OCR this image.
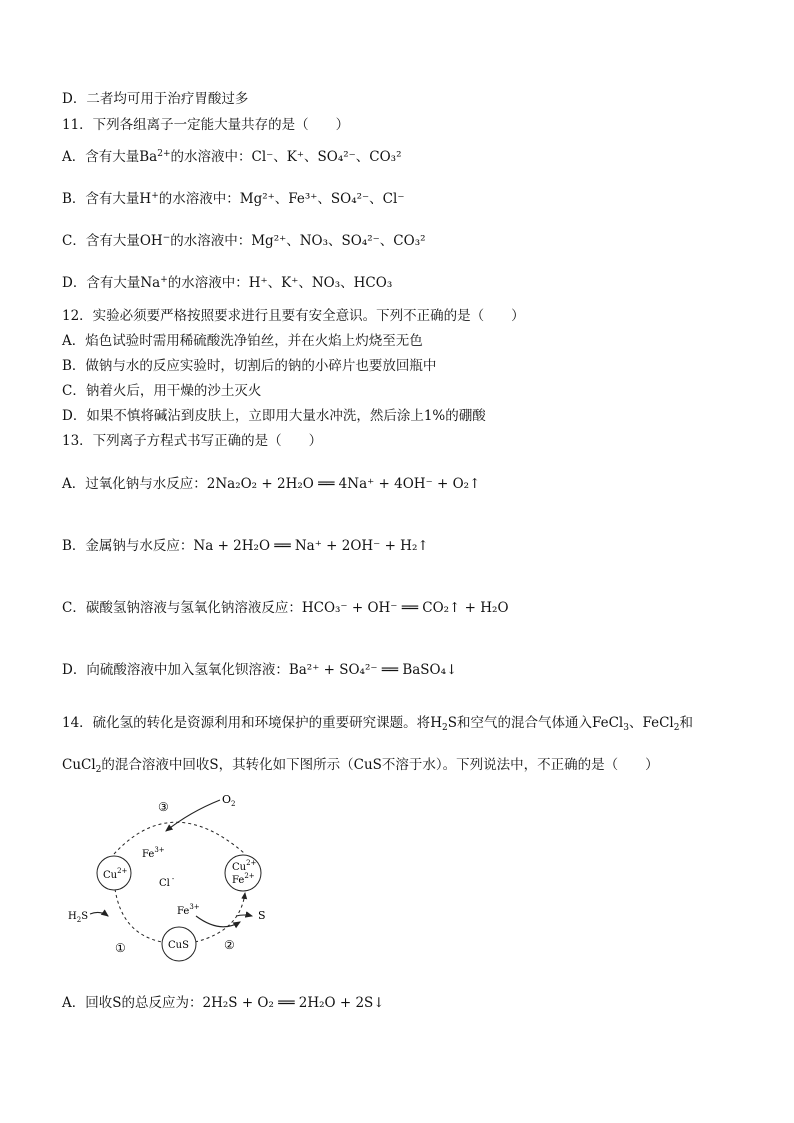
D．二者均可用于治疗胃酸过多
11．下列各组离子一定能大量共存的是（　　）
A．含有大量$Ba^{2+}$的水溶液中：Cl⁻、K⁺、SO₄²⁻、CO₃²
B．含有大量H+的水溶液中：Mg²⁺、Fe³⁺、SO₄²⁻、Cl⁻
C．含有大量OH−的水溶液中：Mg²⁺、NO₃、SO₄²⁻、CO₃²
D．含有大量Na+的水溶液中：H⁺、K⁺、NO₃、HCO₃
12．实验必须要严格按照要求进行且要有安全意识。下列不正确的是（　　）
A．焰色试验时需用稀硫酸洗净铂丝，并在火焰上灼烧至无色
B．做钠与水的反应实验时，切割后的钠的小碎片也要放回瓶中
C．钠着火后，用干燥的沙土灭火
D．如果不慎将碱沾到皮肤上，立即用大量水冲洗，然后涂上1%的硼酸
13．下列离子方程式书写正确的是（　　）
A．过氧化钠与水反应：2Na₂O₂ + 2H₂O ══ 4Na⁺ + 4OH⁻ + O₂↑
B．金属钠与水反应：Na + 2H₂O ══ Na⁺ + 2OH⁻ + H₂↑
C．碳酸氢钠溶液与氢氧化钠溶液反应：HCO₃⁻ + OH⁻ ══ CO₂↑ + H₂O
D．向硫酸溶液中加入氢氧化钡溶液：Ba²⁺ + SO₄²⁻ ══ BaSO₄↓
14．硫化氢的转化是资源利用和环境保护的重要研究课题。将$H_2S$和空气的混合气体通入FeCl$_3$、FeCl$_2$和
CuCl$_2$的混合溶液中回收S，其转化如下图所示（CuS不溶于水）。下列说法中，不正确的是（　　）
$O_2$
③
$Fe^{3+}$
$Cu^{2+}$
Cl -
$Cu^{2+}$
$Fe^{2+}$
$H_2S$	$Fe^{3+}$
S
①	②
CuS
A．回收S的总反应为：2H₂S + O₂ ══ 2H₂O + 2S↓
